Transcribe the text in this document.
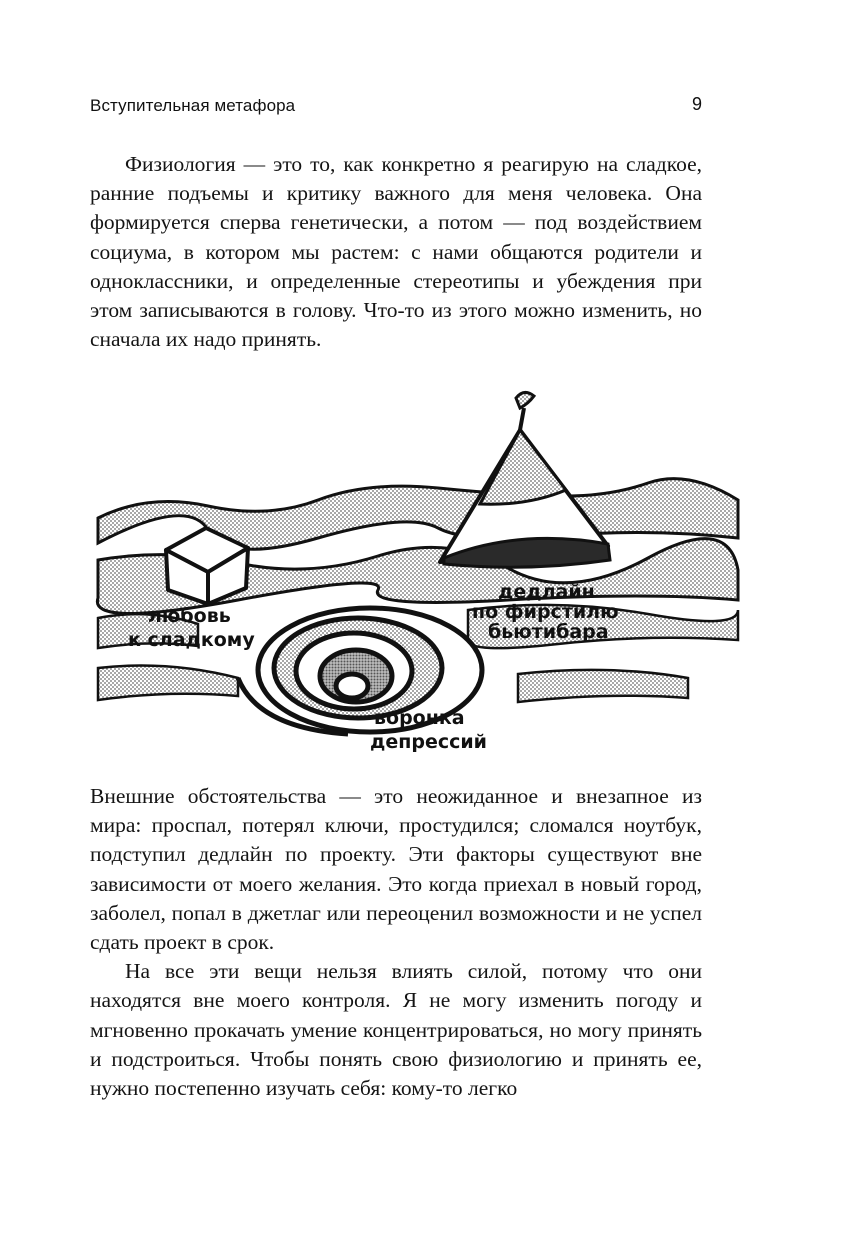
Вступительная метафора	9

Физиология — это то, как конкретно я реагирую на сладкое, ранние подъемы и критику важного для меня человека. Она формируется сперва генетически, а потом — под воздействием социума, в котором мы растем: с нами общаются родители и одноклассники, и определенные стереотипы и убеждения при этом записываются в голову. Что-то из этого можно изменить, но сначала их надо принять.

любовь
к сладкому
воронка
депрессий
дедлайн
по фирстилю
бьютибара

Внешние обстоятельства — это неожиданное и внезапное из мира: проспал, потерял ключи, простудился; сломался ноутбук, подступил дедлайн по проекту. Эти факторы существуют вне зависимости от моего желания. Это когда приехал в новый город, заболел, попал в джетлаг или переоценил возможности и не успел сдать проект в срок.

На все эти вещи нельзя влиять силой, потому что они находятся вне моего контроля. Я не могу изменить погоду и мгновенно прокачать умение концентрироваться, но могу принять и подстроиться. Чтобы понять свою физиологию и принять ее, нужно постепенно изучать себя: кому-то легко
